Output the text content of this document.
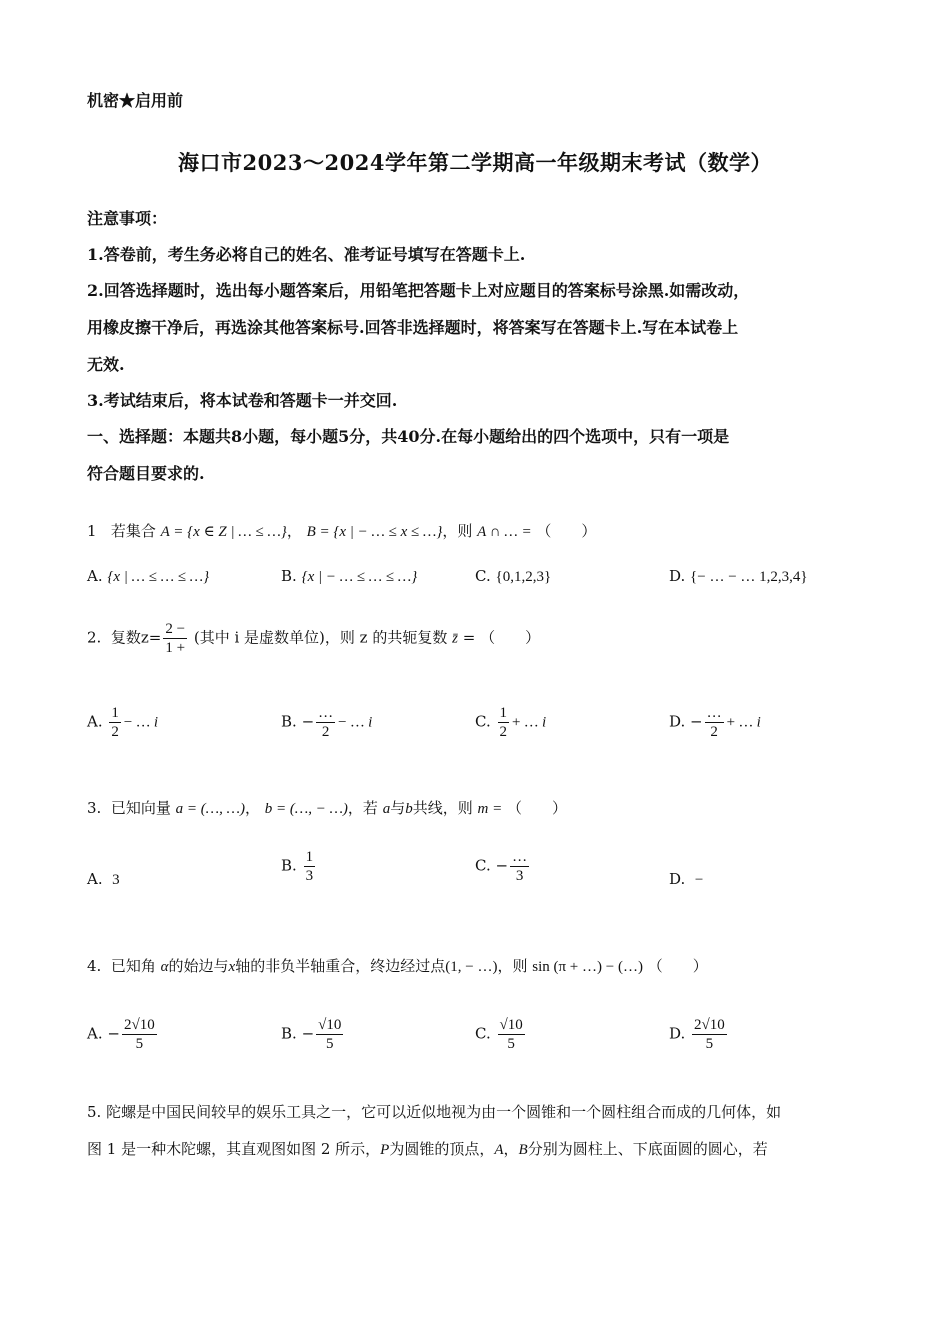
机密★启用前
海口市2023～2024学年第二学期高一年级期末考试（数学）
注意事项：
1.答卷前，考生务必将自己的姓名、准考证号填写在答题卡上.
2.回答选择题时，选出每小题答案后，用铅笔把答题卡上对应题目的答案标号涂黑.如需改动，
用橡皮擦干净后，再选涂其他答案标号.回答非选择题时，将答案写在答题卡上.写在本试卷上
无效.
3.考试结束后，将本试卷和答题卡一并交回.
一、选择题：本题共8小题，每小题5分，共40分.在每小题给出的四个选项中，只有一项是
符合题目要求的.
1 若集合 A = {x ∈ Z | … ≤ …}， B = {x | − … ≤ x ≤ …}，则 A ∩ … = （　　）
A. {x | … ≤ … ≤ …}	B. {x | − … ≤ … ≤ …}	C. {0,1,2,3}	D. {− … − … 1,2,3,4}
2. 复数$z= \frac{2 -}{1 +}$ (其中 i 是虚数单位)，则 z 的共轭复数 z̄ = （　　）
A. $\frac{1}{2}$ − … i	B. − $\frac{\dots}{2}$ − … i	C. $\frac{1}{2}$ + … i	D. − $\frac{\dots}{2}$ + … i
3. 已知向量 a = (…, …)， b = (…, − …)，若 a与b共线，则 m = （　　）
A. 3
B. $\frac{1}{3}$	C. − $\frac{\dots}{3}$	D. −
4. 已知角 α的始边与x轴的非负半轴重合，终边经过点(1, − …)，则 sin (π + …) − (…) （　　）
A. − $\frac{2√10}{5}$	B. − $\frac{√10}{5}$	C. $\frac{√10}{5}$	D. $\frac{2√10}{5}$
5. 陀螺是中国民间较早的娱乐工具之一，它可以近似地视为由一个圆锥和一个圆柱组合而成的几何体，如
图 1 是一种木陀螺，其直观图如图 2 所示，P为圆锥的顶点，A，B分别为圆柱上、下底面圆的圆心，若
